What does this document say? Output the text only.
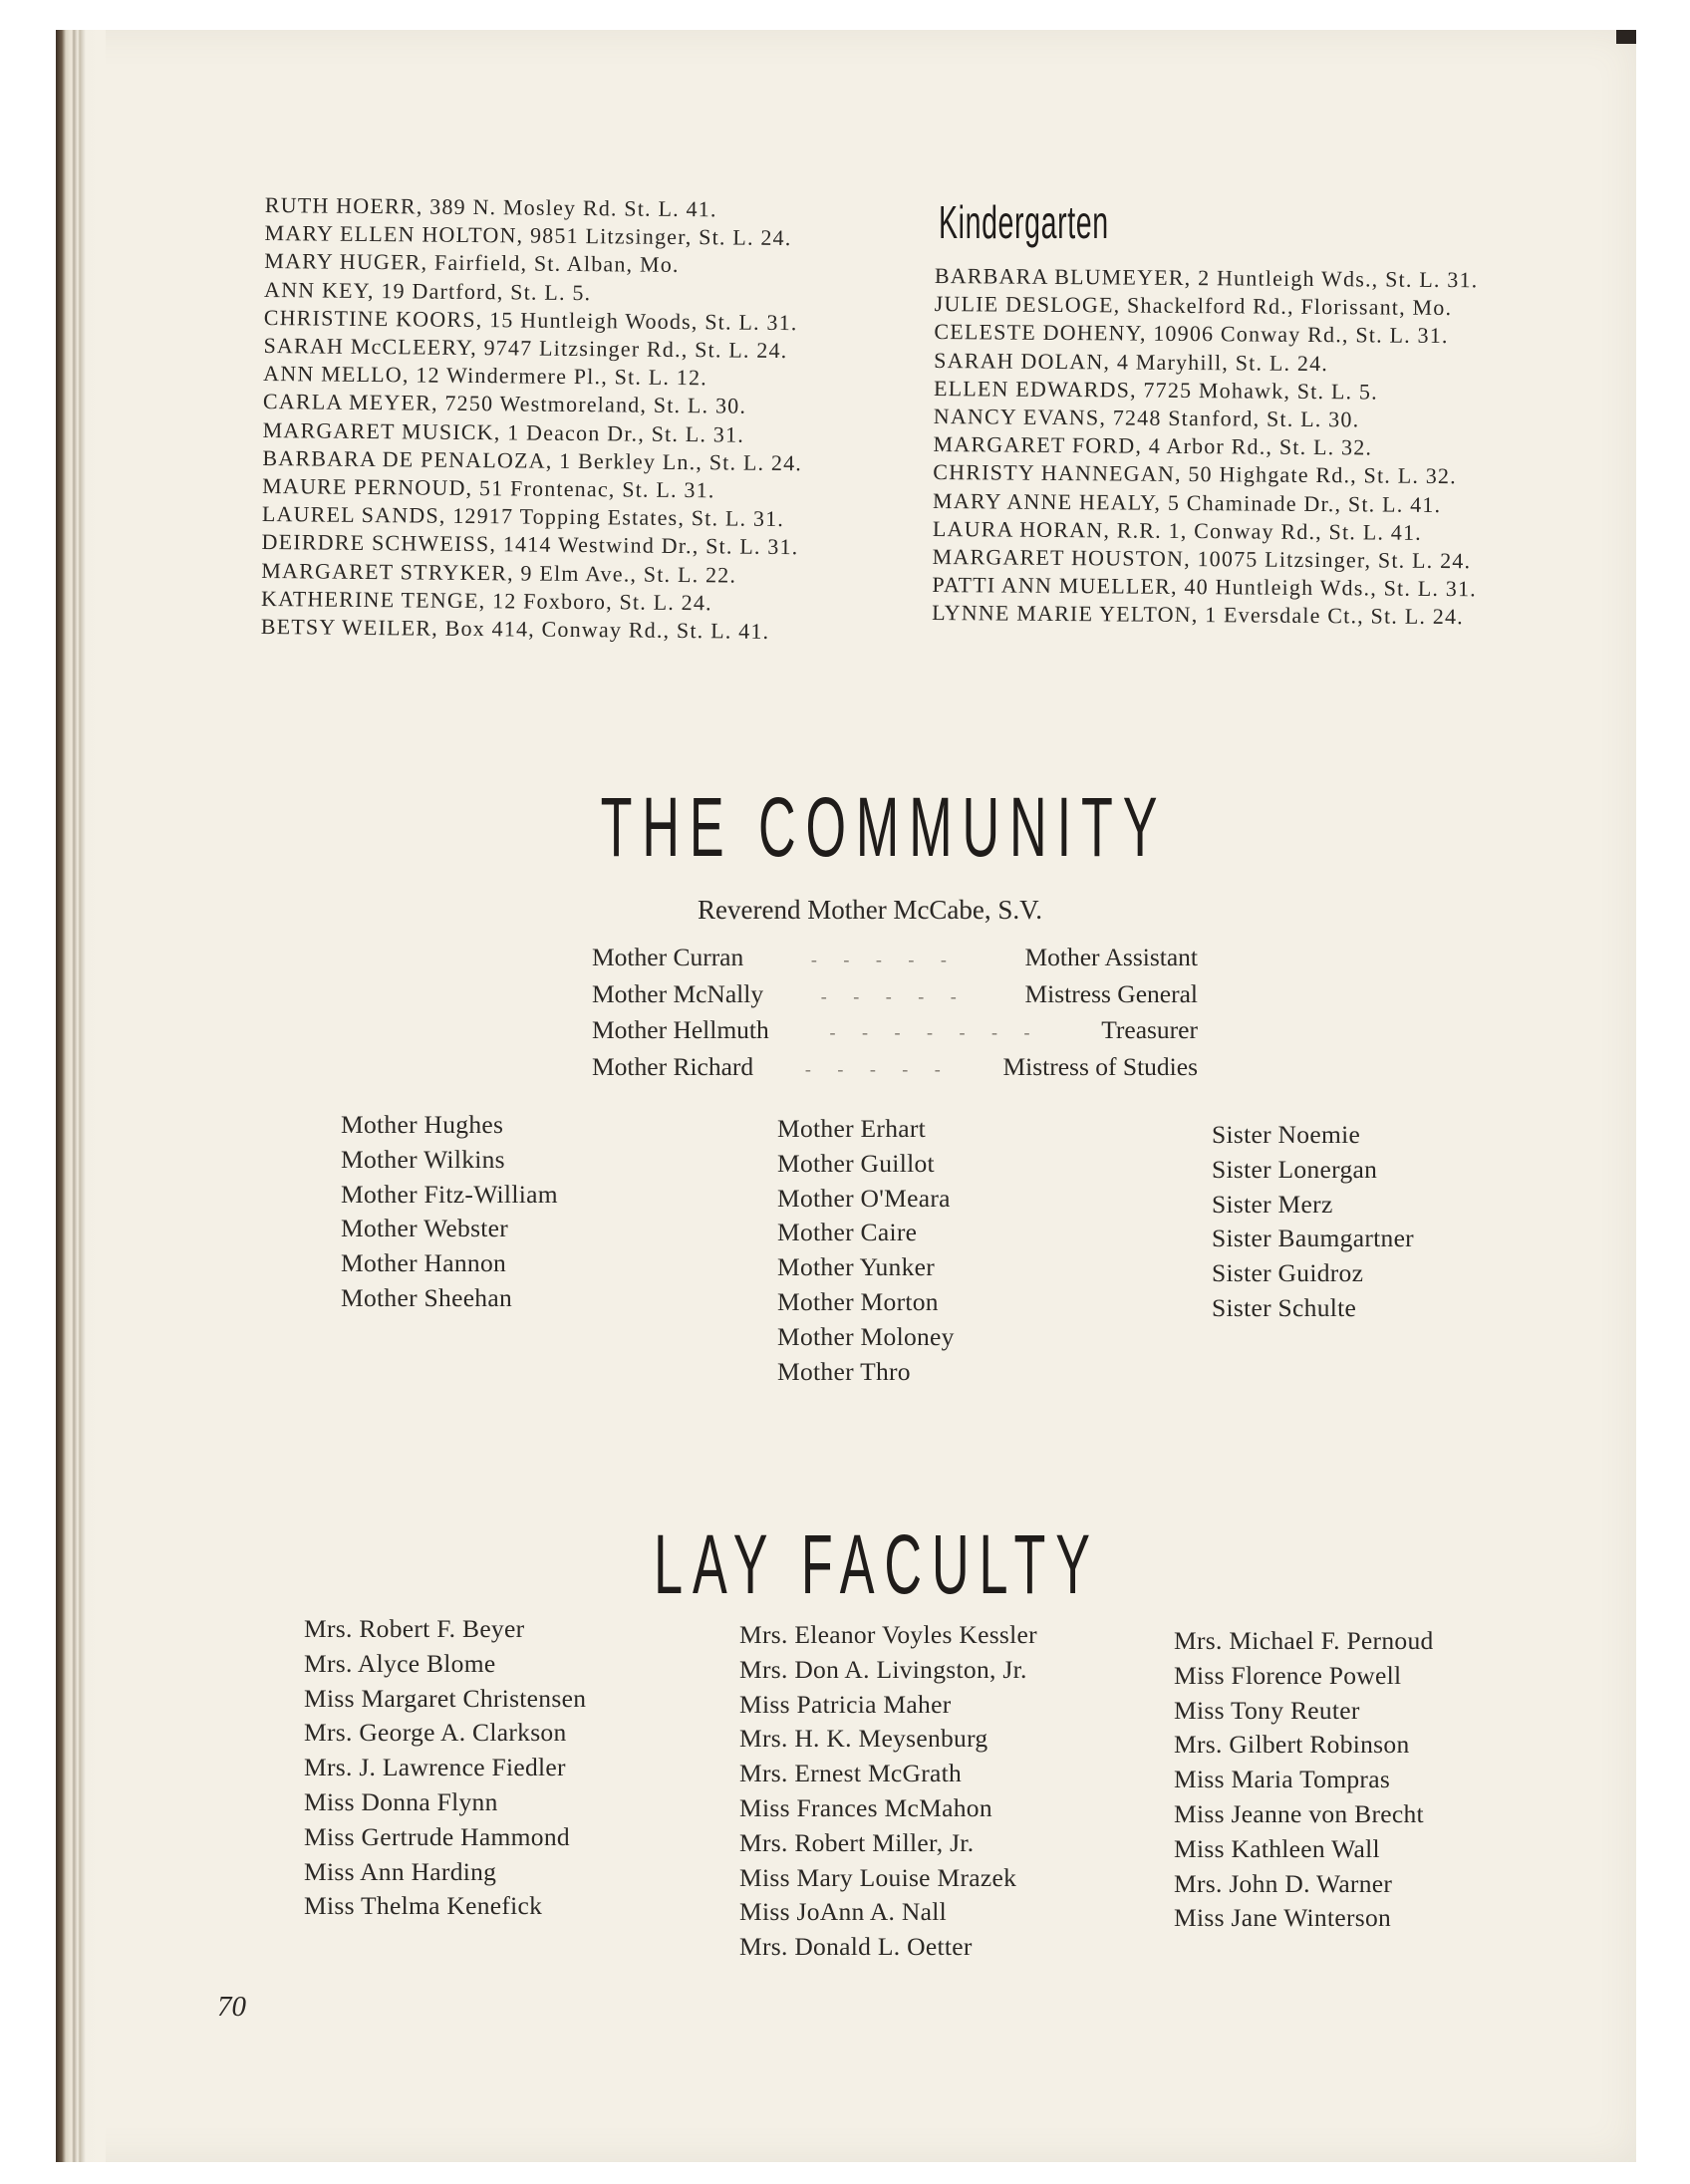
RUTH HOERR, 389 N. Mosley Rd. St. L. 41.
MARY ELLEN HOLTON, 9851 Litzsinger, St. L. 24.
MARY HUGER, Fairfield, St. Alban, Mo.
ANN KEY, 19 Dartford, St. L. 5.
CHRISTINE KOORS, 15 Huntleigh Woods, St. L. 31.
SARAH McCLEERY, 9747 Litzsinger Rd., St. L. 24.
ANN MELLO, 12 Windermere Pl., St. L. 12.
CARLA MEYER, 7250 Westmoreland, St. L. 30.
MARGARET MUSICK, 1 Deacon Dr., St. L. 31.
BARBARA DE PENALOZA, 1 Berkley Ln., St. L. 24.
MAURE PERNOUD, 51 Frontenac, St. L. 31.
LAUREL SANDS, 12917 Topping Estates, St. L. 31.
DEIRDRE SCHWEISS, 1414 Westwind Dr., St. L. 31.
MARGARET STRYKER, 9 Elm Ave., St. L. 22.
KATHERINE TENGE, 12 Foxboro, St. L. 24.
BETSY WEILER, Box 414, Conway Rd., St. L. 41.
Kindergarten
BARBARA BLUMEYER, 2 Huntleigh Wds., St. L. 31.
JULIE DESLOGE, Shackelford Rd., Florissant, Mo.
CELESTE DOHENY, 10906 Conway Rd., St. L. 31.
SARAH DOLAN, 4 Maryhill, St. L. 24.
ELLEN EDWARDS, 7725 Mohawk, St. L. 5.
NANCY EVANS, 7248 Stanford, St. L. 30.
MARGARET FORD, 4 Arbor Rd., St. L. 32.
CHRISTY HANNEGAN, 50 Highgate Rd., St. L. 32.
MARY ANNE HEALY, 5 Chaminade Dr., St. L. 41.
LAURA HORAN, R.R. 1, Conway Rd., St. L. 41.
MARGARET HOUSTON, 10075 Litzsinger, St. L. 24.
PATTI ANN MUELLER, 40 Huntleigh Wds., St. L. 31.
LYNNE MARIE YELTON, 1 Eversdale Ct., St. L. 24.
THE COMMUNITY
Reverend Mother McCabe, S.V.
Mother Curran	- - - - -	Mother Assistant
Mother McNally	- - - - -	Mistress General
Mother Hellmuth	- - - - - - -	Treasurer
Mother Richard	- - - - -	Mistress of Studies
Mother Hughes
Mother Wilkins
Mother Fitz-William
Mother Webster
Mother Hannon
Mother Sheehan
Mother Erhart
Mother Guillot
Mother O'Meara
Mother Caire
Mother Yunker
Mother Morton
Mother Moloney
Mother Thro
Sister Noemie
Sister Lonergan
Sister Merz
Sister Baumgartner
Sister Guidroz
Sister Schulte
LAY FACULTY
Mrs. Robert F. Beyer
Mrs. Alyce Blome
Miss Margaret Christensen
Mrs. George A. Clarkson
Mrs. J. Lawrence Fiedler
Miss Donna Flynn
Miss Gertrude Hammond
Miss Ann Harding
Miss Thelma Kenefick
Mrs. Eleanor Voyles Kessler
Mrs. Don A. Livingston, Jr.
Miss Patricia Maher
Mrs. H. K. Meysenburg
Mrs. Ernest McGrath
Miss Frances McMahon
Mrs. Robert Miller, Jr.
Miss Mary Louise Mrazek
Miss JoAnn A. Nall
Mrs. Donald L. Oetter
Mrs. Michael F. Pernoud
Miss Florence Powell
Miss Tony Reuter
Mrs. Gilbert Robinson
Miss Maria Tompras
Miss Jeanne von Brecht
Miss Kathleen Wall
Mrs. John D. Warner
Miss Jane Winterson
70
